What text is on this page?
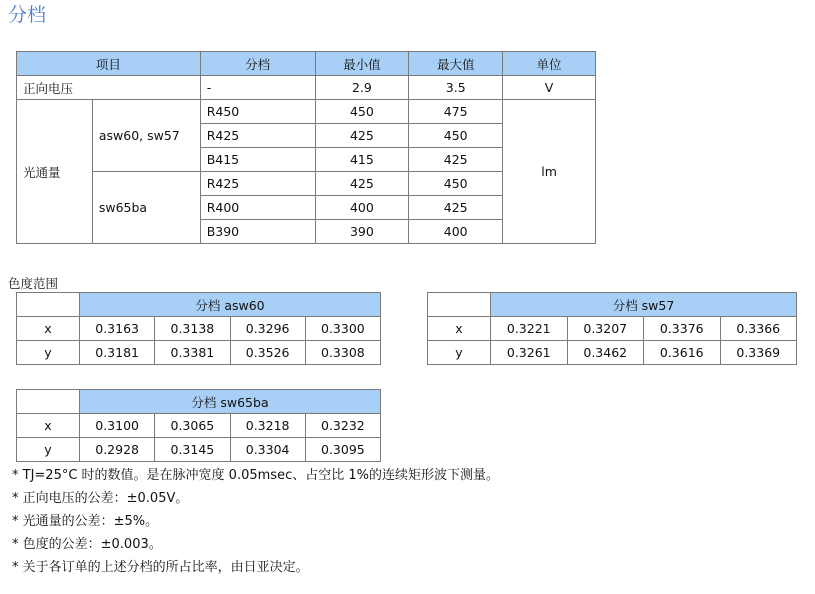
分档
项目		分档	最小值	最大值	单位
正向电压		-	2.9	3.5	V
光通量	asw60, sw57	R450	450	475	lm
		R425	425	450	
		B415	415	425	
	sw65ba	R425	425	450	
		R400	400	425	
		B390	390	400	
色度范围
	分档 asw60			
x	0.3163	0.3138	0.3296	0.3300
y	0.3181	0.3381	0.3526	0.3308
	分档 sw57			
x	0.3221	0.3207	0.3376	0.3366
y	0.3261	0.3462	0.3616	0.3369
	分档 sw65ba			
x	0.3100	0.3065	0.3218	0.3232
y	0.2928	0.3145	0.3304	0.3095
* TJ=25°C 时的数值。是在脉冲宽度 0.05msec、占空比 1%的连续矩形波下测量。
* 正向电压的公差：±0.05V。
* 光通量的公差：±5%。
* 色度的公差：±0.003。
* 关于各订单的上述分档的所占比率，由日亚决定。
